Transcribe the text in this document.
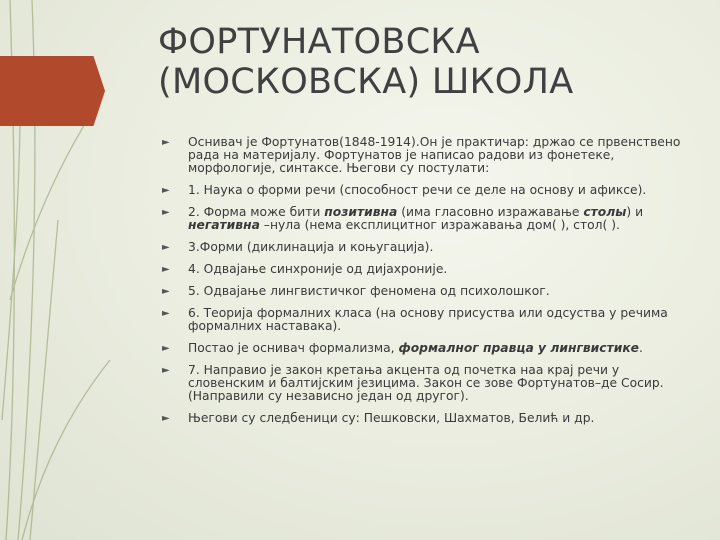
ФОРТУНАТОВСКА
(МОСКОВСКА) ШКОЛА
► Оснивач је Фортунатов(1848-1914).Он је практичар: држао се првенствено рада на материјалу. Фортунатов је написао радови из фонетеке, морфологије, синтаксе. Његови су постулати:
► 1. Наука о форми речи (способност речи се деле на основу и афиксе).
► 2. Форма може бити позитивна (има гласовно изражавање столы) и негативна –нула (нема експлицитног изражавања дом( ), стол( ).
► 3.Форми (диклинација и коњугација).
► 4. Одвајање синхроније од дијахроније.
► 5. Одвајање лингвистичког феномена од психолошког.
► 6. Теорија формалних класа (на основу присуства или одсуства у речима формалних наставака).
► Постао је оснивач формализма, формалног правца у лингвистике.
► 7. Направио је закон кретања акцента од почетка наа крај речи у словенским и балтијским језицима. Закон се зове Фортунатов–де Сосир. (Направили су независно један од другог).
► Његови су следбеници су: Пешковски, Шахматов, Белић и др.
